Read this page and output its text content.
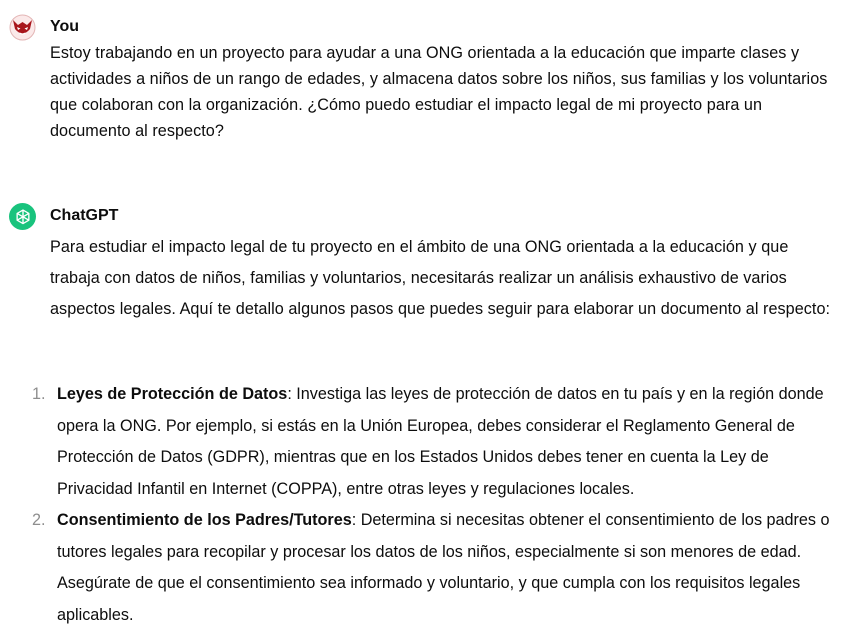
You
Estoy trabajando en un proyecto para ayudar a una ONG orientada a la educación que imparte clases y actividades a niños de un rango de edades, y almacena datos sobre los niños, sus familias y los voluntarios que colaboran con la organización. ¿Cómo puedo estudiar el impacto legal de mi proyecto para un documento al respecto?
ChatGPT
Para estudiar el impacto legal de tu proyecto en el ámbito de una ONG orientada a la educación y que trabaja con datos de niños, familias y voluntarios, necesitarás realizar un análisis exhaustivo de varios aspectos legales. Aquí te detallo algunos pasos que puedes seguir para elaborar un documento al respecto:
1. Leyes de Protección de Datos: Investiga las leyes de protección de datos en tu país y en la región donde opera la ONG. Por ejemplo, si estás en la Unión Europea, debes considerar el Reglamento General de Protección de Datos (GDPR), mientras que en los Estados Unidos debes tener en cuenta la Ley de Privacidad Infantil en Internet (COPPA), entre otras leyes y regulaciones locales.
2. Consentimiento de los Padres/Tutores: Determina si necesitas obtener el consentimiento de los padres o tutores legales para recopilar y procesar los datos de los niños, especialmente si son menores de edad. Asegúrate de que el consentimiento sea informado y voluntario, y que cumpla con los requisitos legales aplicables.
